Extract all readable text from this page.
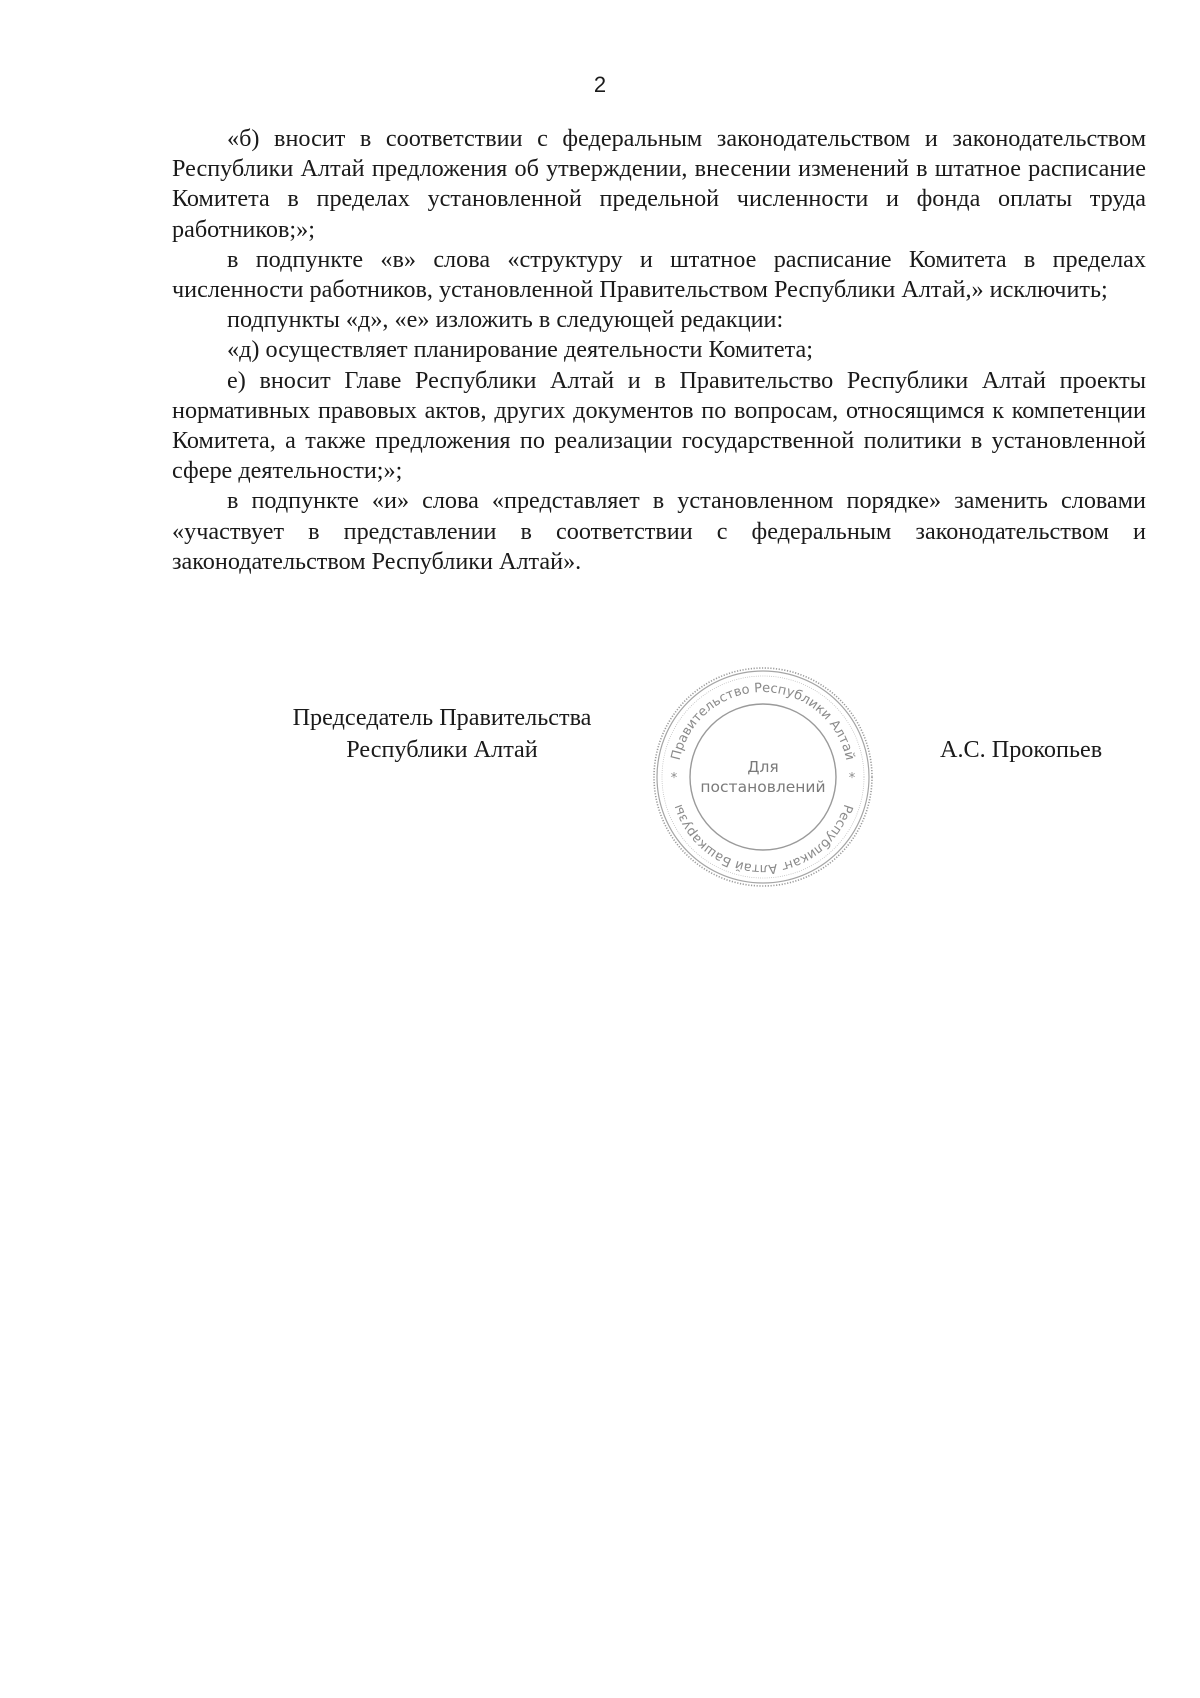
2

«б) вносит в соответствии с федеральным законодательством и законодательством Республики Алтай предложения об утверждении, внесении изменений в штатное расписание Комитета в пределах установленной предельной численности и фонда оплаты труда работников;»;

в подпункте «в» слова «структуру и штатное расписание Комитета в пределах численности работников, установленной Правительством Республики Алтай,» исключить;

подпункты «д», «е» изложить в следующей редакции:

«д) осуществляет планирование деятельности Комитета;

е) вносит Главе Республики Алтай и в Правительство Республики Алтай проекты нормативных правовых актов, других документов по вопросам, относящимся к компетенции Комитета, а также предложения по реализации государственной политики в установленной сфере деятельности;»;

в подпункте «и» слова «представляет в установленном порядке» заменить словами «участвует в представлении в соответствии с федеральным законодательством и законодательством Республики Алтай».

Председатель Правительства
Республики Алтай	Правительство Республики Алтай
Республикаҥ Алтай Башкарузы
*	*
Для
постановлений
А.С. Прокопьев
